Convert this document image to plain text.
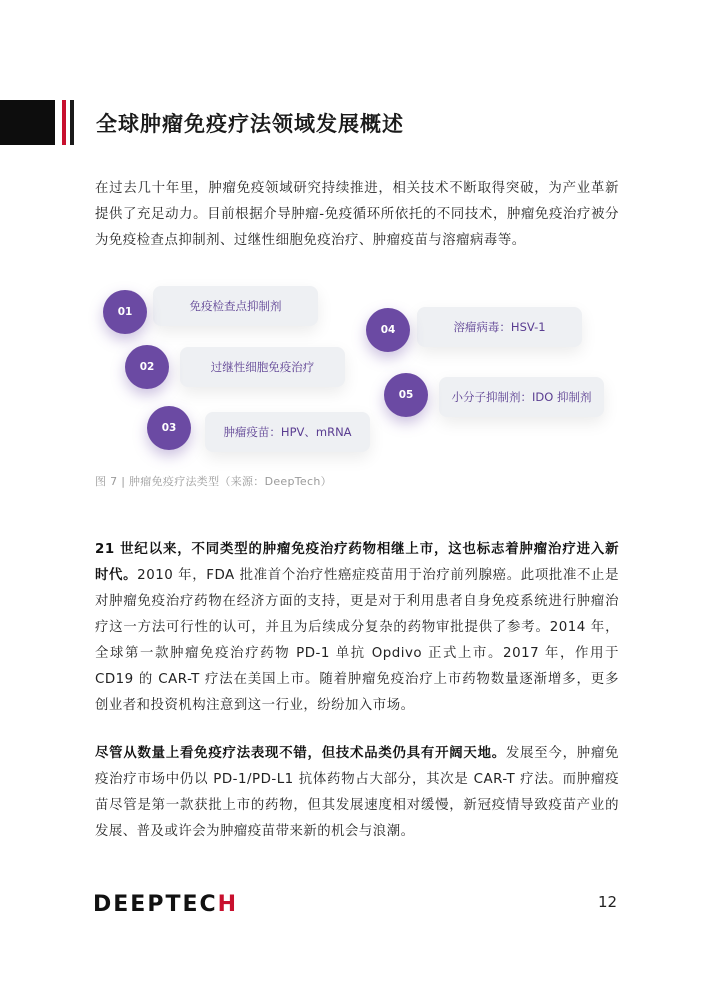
全球肿瘤免疫疗法领域发展概述

在过去几十年里，肿瘤免疫领域研究持续推进，相关技术不断取得突破，为产业革新提供了充足动力。目前根据介导肿瘤-免疫循环所依托的不同技术，肿瘤免疫治疗被分为免疫检查点抑制剂、过继性细胞免疫治疗、肿瘤疫苗与溶瘤病毒等。

免疫检查点抑制剂
01
过继性细胞免疫治疗
02
肿瘤疫苗：HPV、mRNA
03
溶瘤病毒：HSV-1
04
小分子抑制剂：IDO 抑制剂
05

图 7 | 肿瘤免疫疗法类型（来源：DeepTech）

21 世纪以来，不同类型的肿瘤免疫治疗药物相继上市，这也标志着肿瘤治疗进入新时代。2010 年，FDA 批准首个治疗性癌症疫苗用于治疗前列腺癌。此项批准不止是对肿瘤免疫治疗药物在经济方面的支持，更是对于利用患者自身免疫系统进行肿瘤治疗这一方法可行性的认可，并且为后续成分复杂的药物审批提供了参考。2014 年，全球第一款肿瘤免疫治疗药物 PD-1 单抗 Opdivo 正式上市。2017 年，作用于 CD19 的 CAR-T 疗法在美国上市。随着肿瘤免疫治疗上市药物数量逐渐增多，更多创业者和投资机构注意到这一行业，纷纷加入市场。

尽管从数量上看免疫疗法表现不错，但技术品类仍具有开阔天地。发展至今，肿瘤免疫治疗市场中仍以 PD-1/PD-L1 抗体药物占大部分，其次是 CAR-T 疗法。而肿瘤疫苗尽管是第一款获批上市的药物，但其发展速度相对缓慢，新冠疫情导致疫苗产业的发展、普及或许会为肿瘤疫苗带来新的机会与浪潮。

DEEPTECH	12
